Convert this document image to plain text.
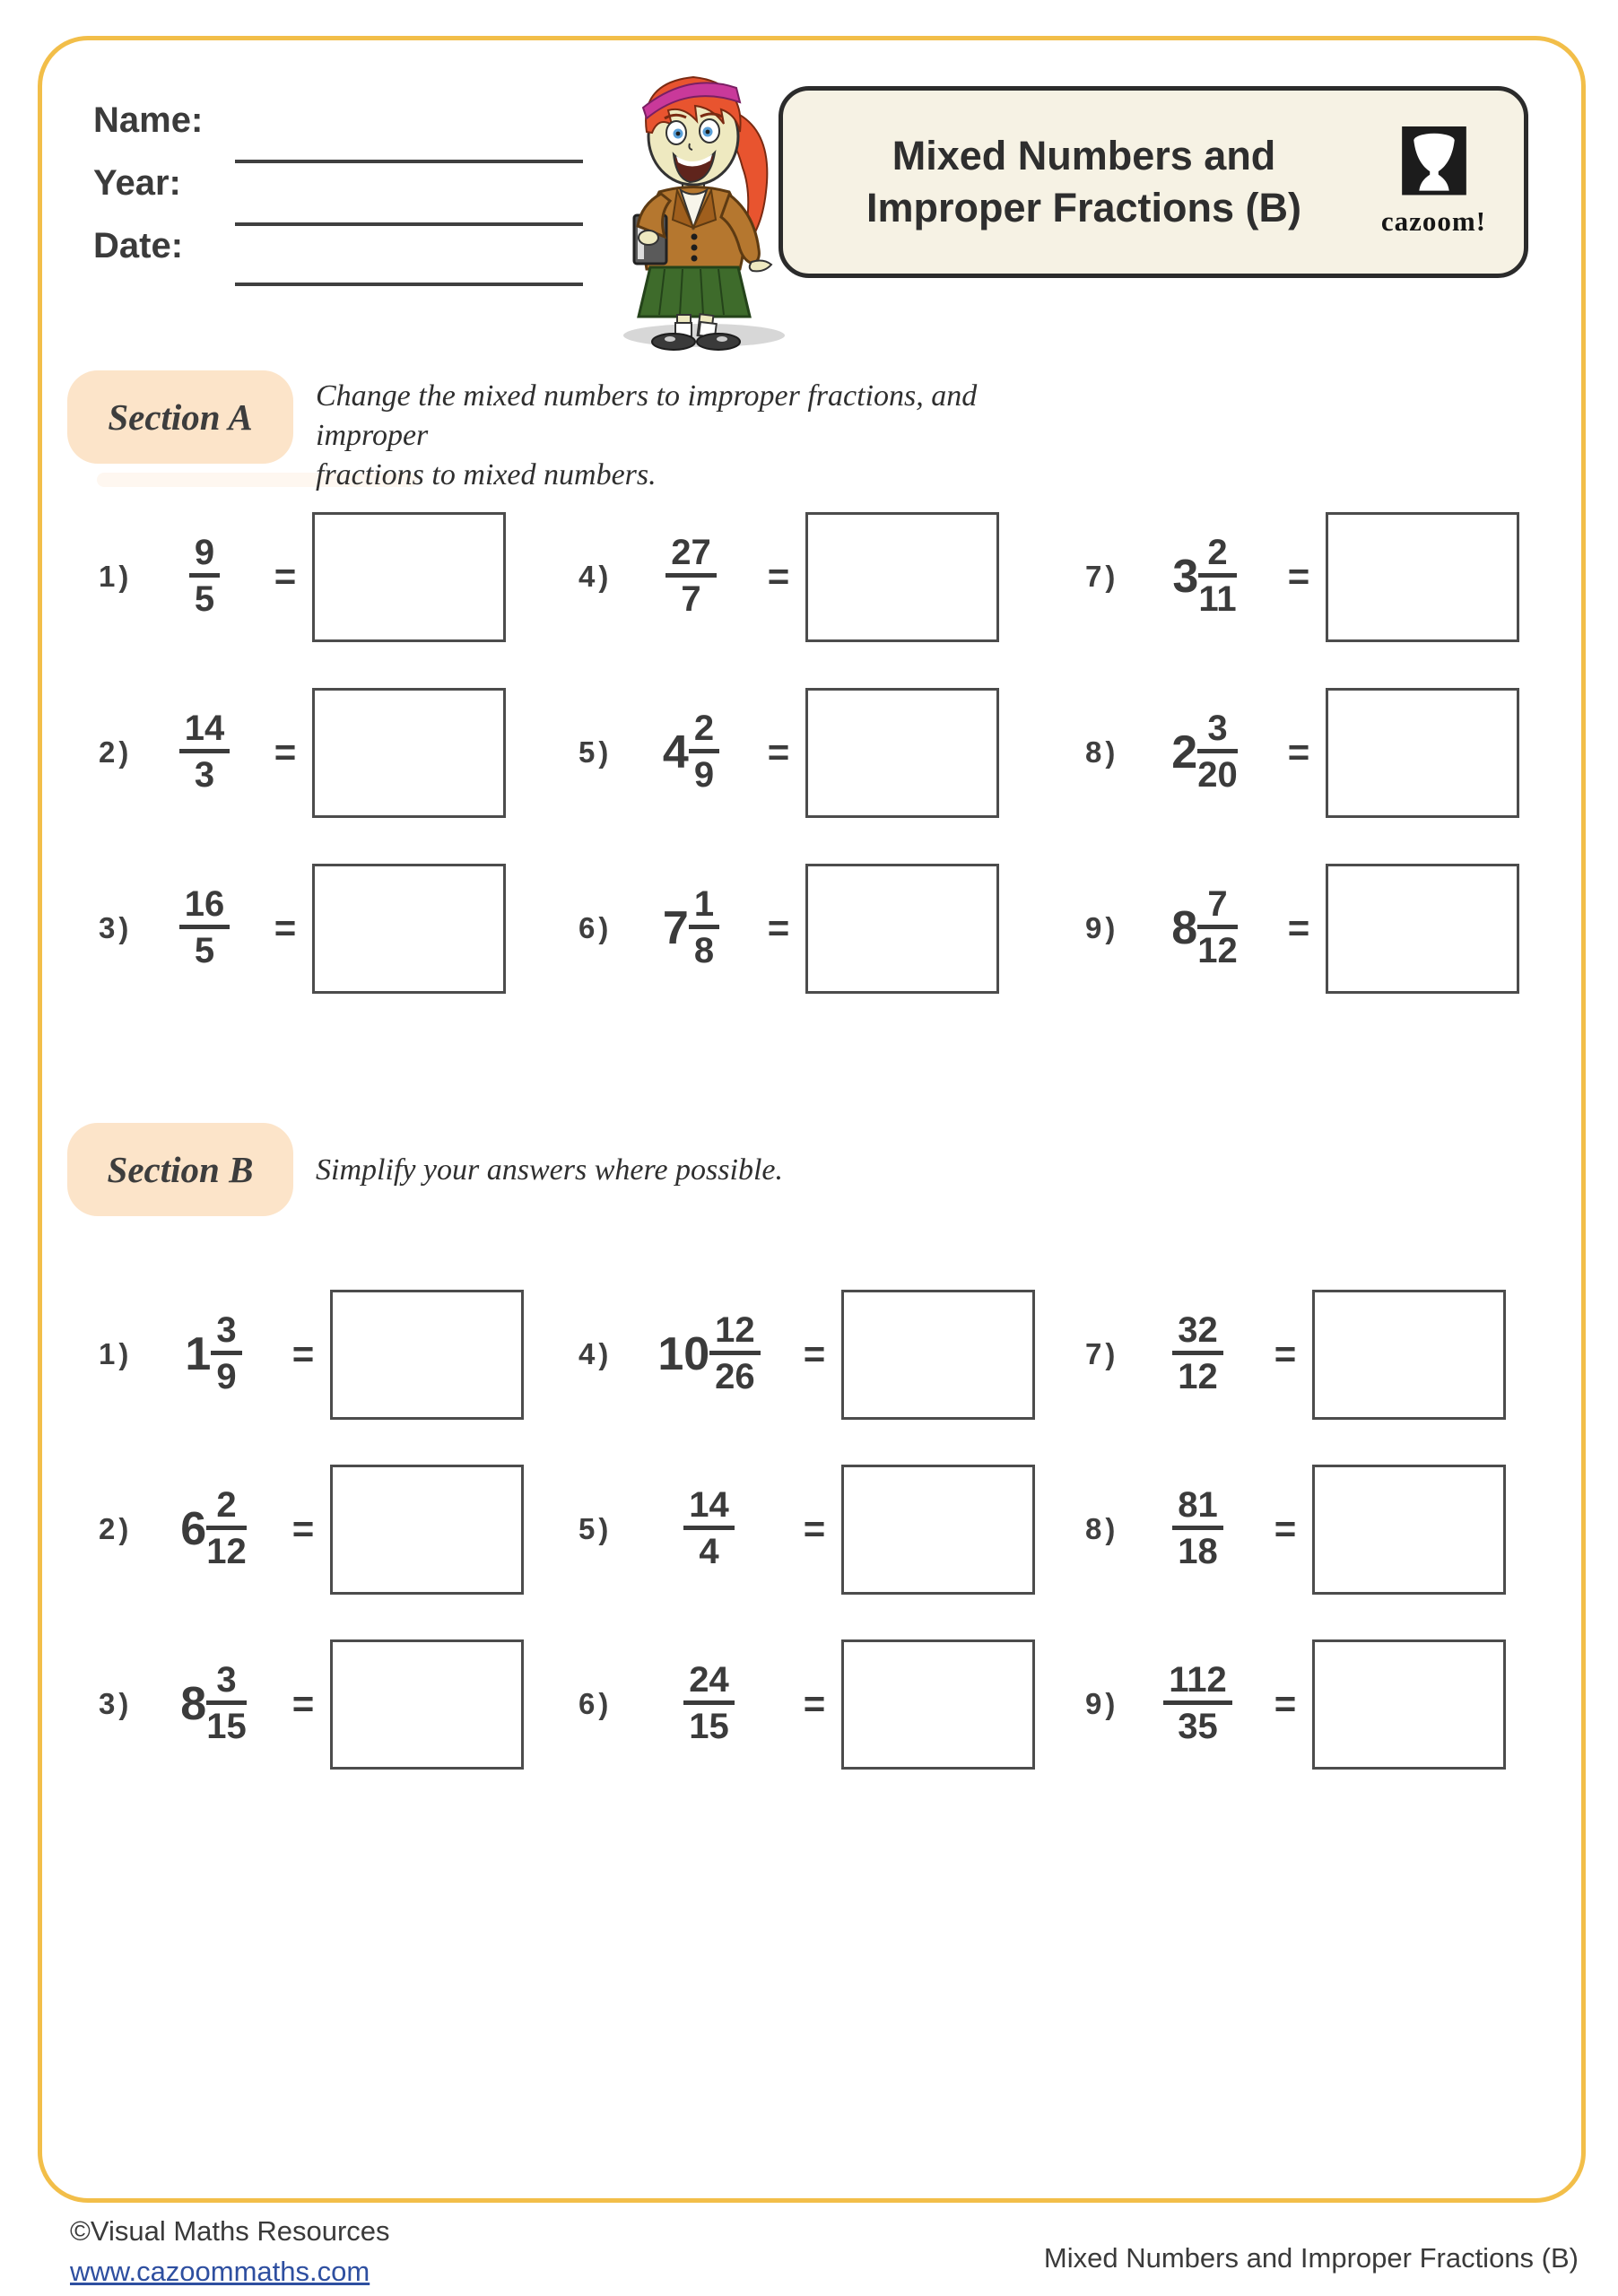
Name:
Year:
Date:
Mixed Numbers and
Improper Fractions (B)	cazoom!
Section A
Change the mixed numbers to improper fractions, and improper
fractions to mixed numbers.
1)	$\frac{9}{5}$	=	4)	$\frac{27}{7}$	=	7)	$3 \frac{2}{11}$	=
2)	$\frac{14}{3}$	=	5)	$4 \frac{2}{9}$	=	8)	$2 \frac{3}{20}$	=
3)	$\frac{16}{5}$	=	6)	$7 \frac{1}{8}$	=	9)	$8 \frac{7}{12}$	=
Section B	Simplify your answers where possible.
1)	$1 \frac{3}{9}$	=	4) $10 \frac{12}{26}$	=	7)	$\frac{32}{12}$	=
2)	$6 \frac{2}{12}$	=	5)	$\frac{14}{4}$	=	8)	$\frac{81}{18}$	=
3)	$8 \frac{3}{15}$	=	6)	$\frac{24}{15}$	=	9)	$\frac{112}{35}$	=
©Visual Maths Resources
www.cazoommaths.com	Mixed Numbers and Improper Fractions (B)
